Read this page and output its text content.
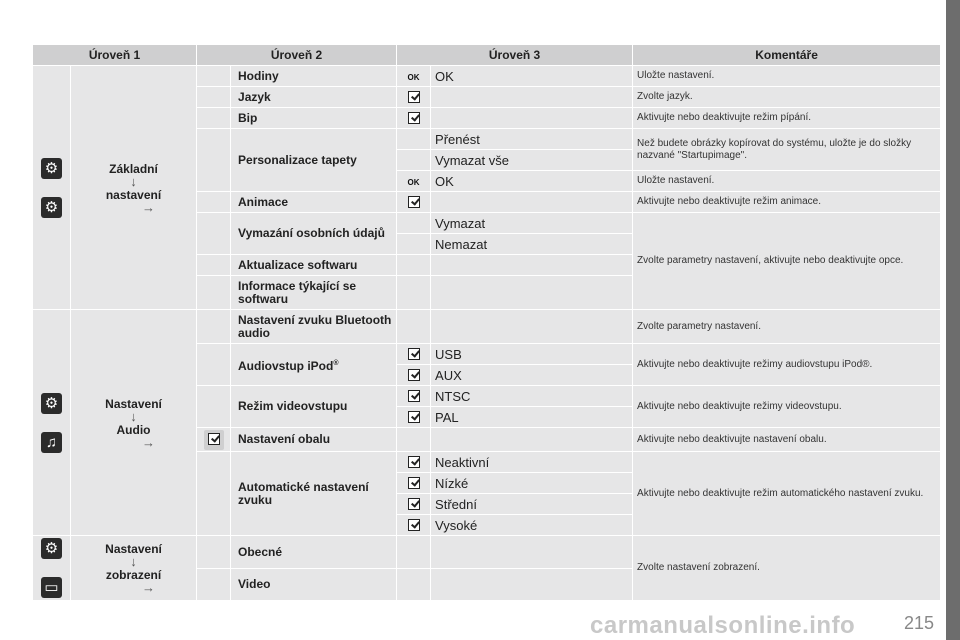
Úroveň 1		Úroveň 2		Úroveň 3		Komentáře

⚙

⚙	Základní
↓
nastavení
→		Hodiny	OK	OK	Uložte nastavení.
			Jazyk			Zvolte jazyk.
			Bip			Aktivujte nebo deaktivujte režim pípání.
			Personalizace tapety		Přenést	Než budete obrázky kopírovat do systému, uložte je do složky nazvané "Startupimage".
					Vymazat vše	
				OK	OK	Uložte nastavení.
			Animace			Aktivujte nebo deaktivujte režim animace.
			Vymazání osobních údajů		Vymazat	Zvolte parametry nastavení, aktivujte nebo deaktivujte opce.
					Nemazat	
			Aktualizace softwaru			
			Informace týkající se softwaru			

⚙

♫	Nastavení
↓
Audio
→		Nastavení zvuku Bluetooth audio			Zvolte parametry nastavení.
			Audiovstup iPod®		USB	Aktivujte nebo deaktivujte režimy audiovstupu iPod®.
					AUX	
			Režim videovstupu		NTSC	Aktivujte nebo deaktivujte režimy videovstupu.
					PAL	
			Nastavení obalu			Aktivujte nebo deaktivujte nastavení obalu.
			Automatické nastavení zvuku		Neaktivní	Aktivujte nebo deaktivujte režim automatického nastavení zvuku.
					Nízké	
					Střední	
					Vysoké	

⚙

▭	Nastavení
↓
zobrazení
→		Obecné			Zvolte nastavení zobrazení.
			Video			
carmanualsonline.info	215
